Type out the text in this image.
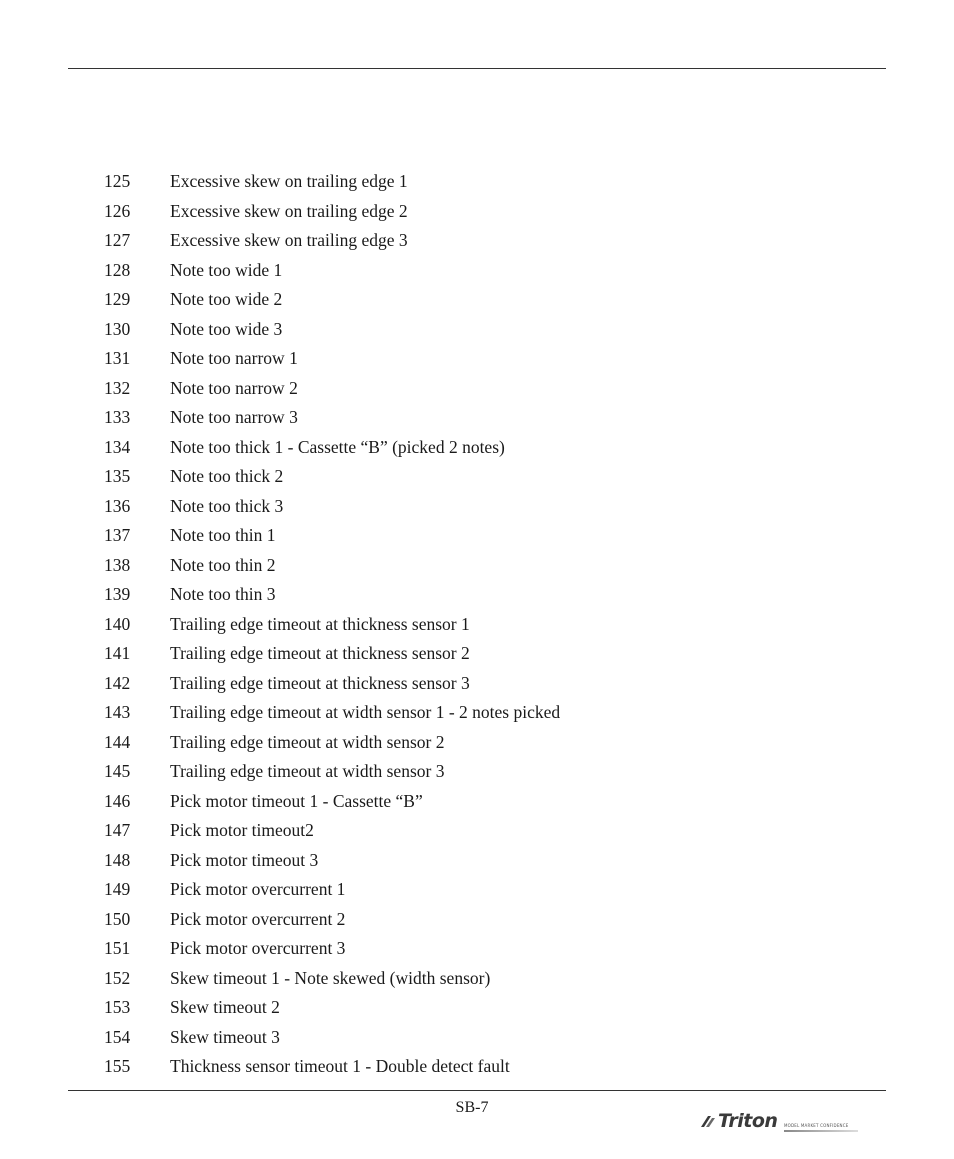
125 Excessive skew on trailing edge 1
126 Excessive skew on trailing edge 2
127 Excessive skew on trailing edge 3
128 Note too wide 1
129 Note too wide 2
130 Note too wide 3
131 Note too narrow 1
132 Note too narrow 2
133 Note too narrow 3
134 Note too thick 1 - Cassette “B” (picked 2 notes)
135 Note too thick 2
136 Note too thick 3
137 Note too thin 1
138 Note too thin 2
139 Note too thin 3
140 Trailing edge timeout at thickness sensor 1
141 Trailing edge timeout at thickness sensor 2
142 Trailing edge timeout at thickness sensor 3
143 Trailing edge timeout at width sensor 1 - 2 notes picked
144 Trailing edge timeout at width sensor 2
145 Trailing edge timeout at width sensor 3
146 Pick motor timeout 1 - Cassette “B”
147 Pick motor timeout2
148 Pick motor timeout 3
149 Pick motor overcurrent 1
150 Pick motor overcurrent 2
151 Pick motor overcurrent 3
152 Skew timeout 1 - Note skewed (width sensor)
153 Skew timeout 2
154 Skew timeout 3
155 Thickness sensor timeout 1 - Double detect fault
SB-7
Triton MODEL MARKET CONFIDENCE
